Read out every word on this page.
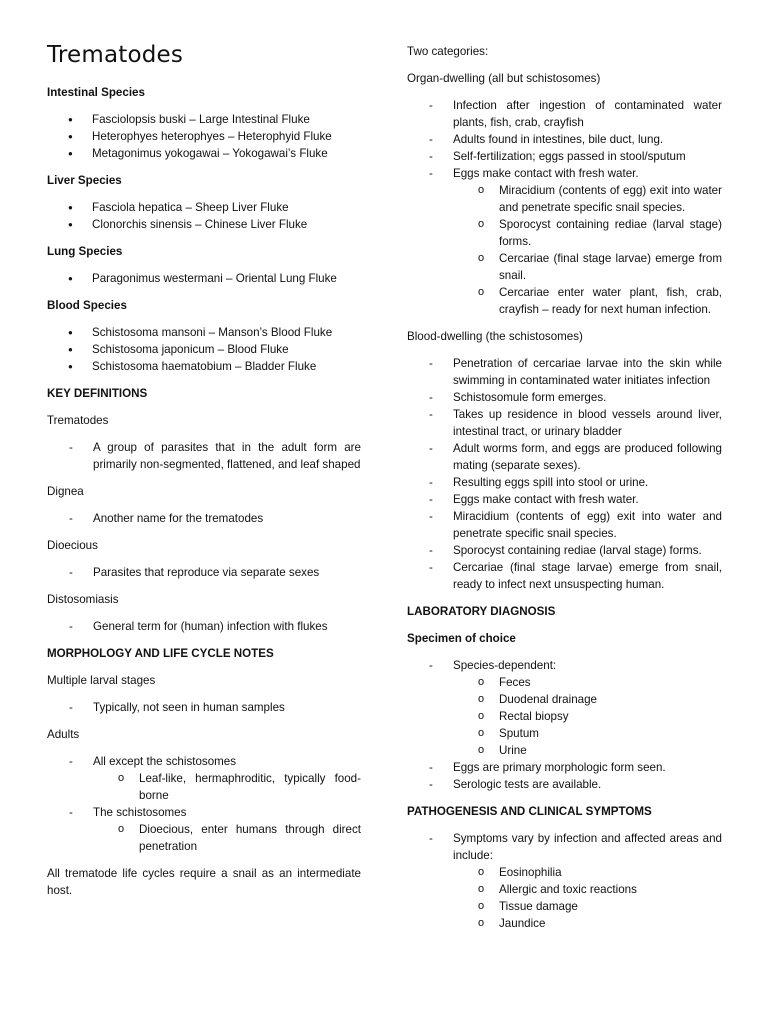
Trematodes
Intestinal Species
● Fasciolopsis buski – Large Intestinal Fluke
● Heterophyes heterophyes – Heterophyid Fluke
● Metagonimus yokogawai – Yokogawai’s Fluke
Liver Species
● Fasciola hepatica – Sheep Liver Fluke
● Clonorchis sinensis – Chinese Liver Fluke
Lung Species
● Paragonimus westermani – Oriental Lung Fluke
Blood Species
● Schistosoma mansoni – Manson’s Blood Fluke
● Schistosoma japonicum – Blood Fluke
● Schistosoma haematobium – Bladder Fluke
KEY DEFINITIONS
Trematodes
- A group of parasites that in the adult form are primarily non-segmented, flattened, and leaf shaped
Dignea
- Another name for the trematodes
Dioecious
- Parasites that reproduce via separate sexes
Distosomiasis
- General term for (human) infection with flukes
MORPHOLOGY AND LIFE CYCLE NOTES
Multiple larval stages
- Typically, not seen in human samples
Adults
- All except the schistosomes
o Leaf-like, hermaphroditic, typically food-borne
- The schistosomes
o Dioecious, enter humans through direct penetration
All trematode life cycles require a snail as an intermediate host.
Two categories:
Organ-dwelling (all but schistosomes)
- Infection after ingestion of contaminated water plants, fish, crab, crayfish
- Adults found in intestines, bile duct, lung.
- Self-fertilization; eggs passed in stool/sputum
- Eggs make contact with fresh water.
o Miracidium (contents of egg) exit into water and penetrate specific snail species.
o Sporocyst containing rediae (larval stage) forms.
o Cercariae (final stage larvae) emerge from snail.
o Cercariae enter water plant, fish, crab, crayfish – ready for next human infection.
Blood-dwelling (the schistosomes)
- Penetration of cercariae larvae into the skin while swimming in contaminated water initiates infection
- Schistosomule form emerges.
- Takes up residence in blood vessels around liver, intestinal tract, or urinary bladder
- Adult worms form, and eggs are produced following mating (separate sexes).
- Resulting eggs spill into stool or urine.
- Eggs make contact with fresh water.
- Miracidium (contents of egg) exit into water and penetrate specific snail species.
- Sporocyst containing rediae (larval stage) forms.
- Cercariae (final stage larvae) emerge from snail, ready to infect next unsuspecting human.
LABORATORY DIAGNOSIS
Specimen of choice
- Species-dependent:
o Feces
o Duodenal drainage
o Rectal biopsy
o Sputum
o Urine
- Eggs are primary morphologic form seen.
- Serologic tests are available.
PATHOGENESIS AND CLINICAL SYMPTOMS
- Symptoms vary by infection and affected areas and include:
o Eosinophilia
o Allergic and toxic reactions
o Tissue damage
o Jaundice
